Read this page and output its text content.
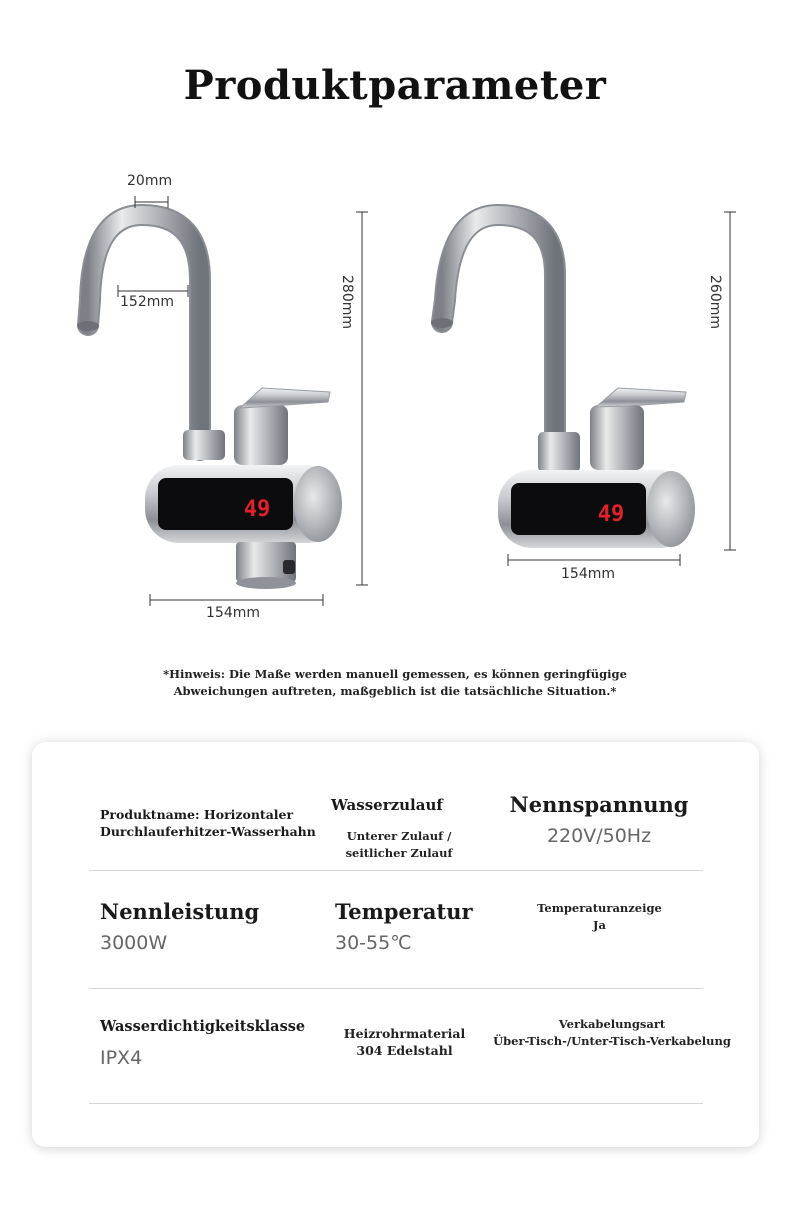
Produktparameter
49	49
20mm
152mm	280mm
154mm
260mm
154mm
*Hinweis: Die Maße werden manuell gemessen, es können geringfügige
Abweichungen auftreten, maßgeblich ist die tatsächliche Situation.*
Produktname: Horizontaler Durchlauferhitzer-Wasserhahn
Wasserzulauf
Unterer Zulauf /
seitlicher Zulauf
Nennspannung
220V/50Hz
Nennleistung
3000W
Temperatur
30-55℃
Temperaturanzeige
Ja
Wasserdichtigkeitsklasse
IPX4
Heizrohrmaterial
304 Edelstahl
Verkabelungsart
Über-Tisch-/Unter-Tisch-Verkabelung
